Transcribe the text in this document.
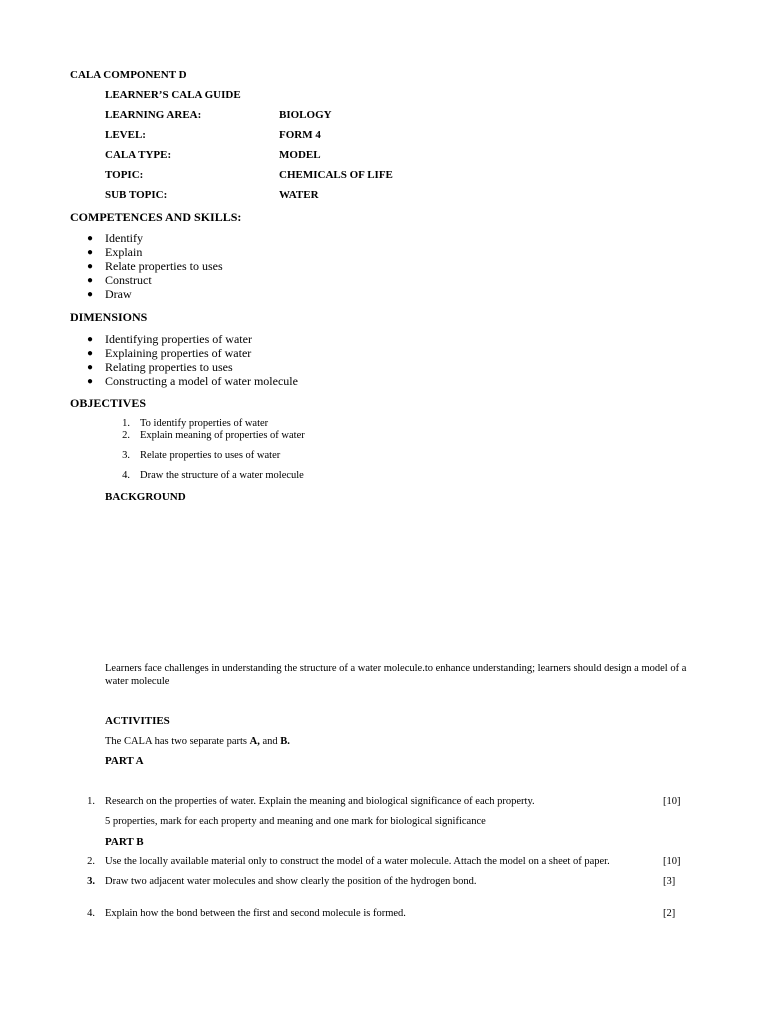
CALA COMPONENT D
LEARNER’S CALA GUIDE
LEARNING AREA:	BIOLOGY
LEVEL:	FORM 4
CALA TYPE:	MODEL
TOPIC:	CHEMICALS OF LIFE
SUB TOPIC:	WATER
COMPETENCES AND SKILLS:
● Identify
● Explain
● Relate properties to uses
● Construct
● Draw
DIMENSIONS
● Identifying properties of water
● Explaining properties of water
● Relating properties to uses
● Constructing a model of water molecule
OBJECTIVES
1. To identify properties of water
2. Explain meaning of properties of water
3. Relate properties to uses of water
4. Draw the structure of a water molecule
BACKGROUND
Learners face challenges in understanding the structure of a water molecule.to enhance understanding; learners should design a model of a
water molecule
ACTIVITIES
The CALA has two separate parts A, and B.
PART A
1. Research on the properties of water. Explain the meaning and biological significance of each property.	[10]
5 properties, mark for each property and meaning and one mark for biological significance
PART B
2. Use the locally available material only to construct the model of a water molecule. Attach the model on a sheet of paper.	[10]
3. Draw two adjacent water molecules and show clearly the position of the hydrogen bond.	[3]
4. Explain how the bond between the first and second molecule is formed.	[2]
